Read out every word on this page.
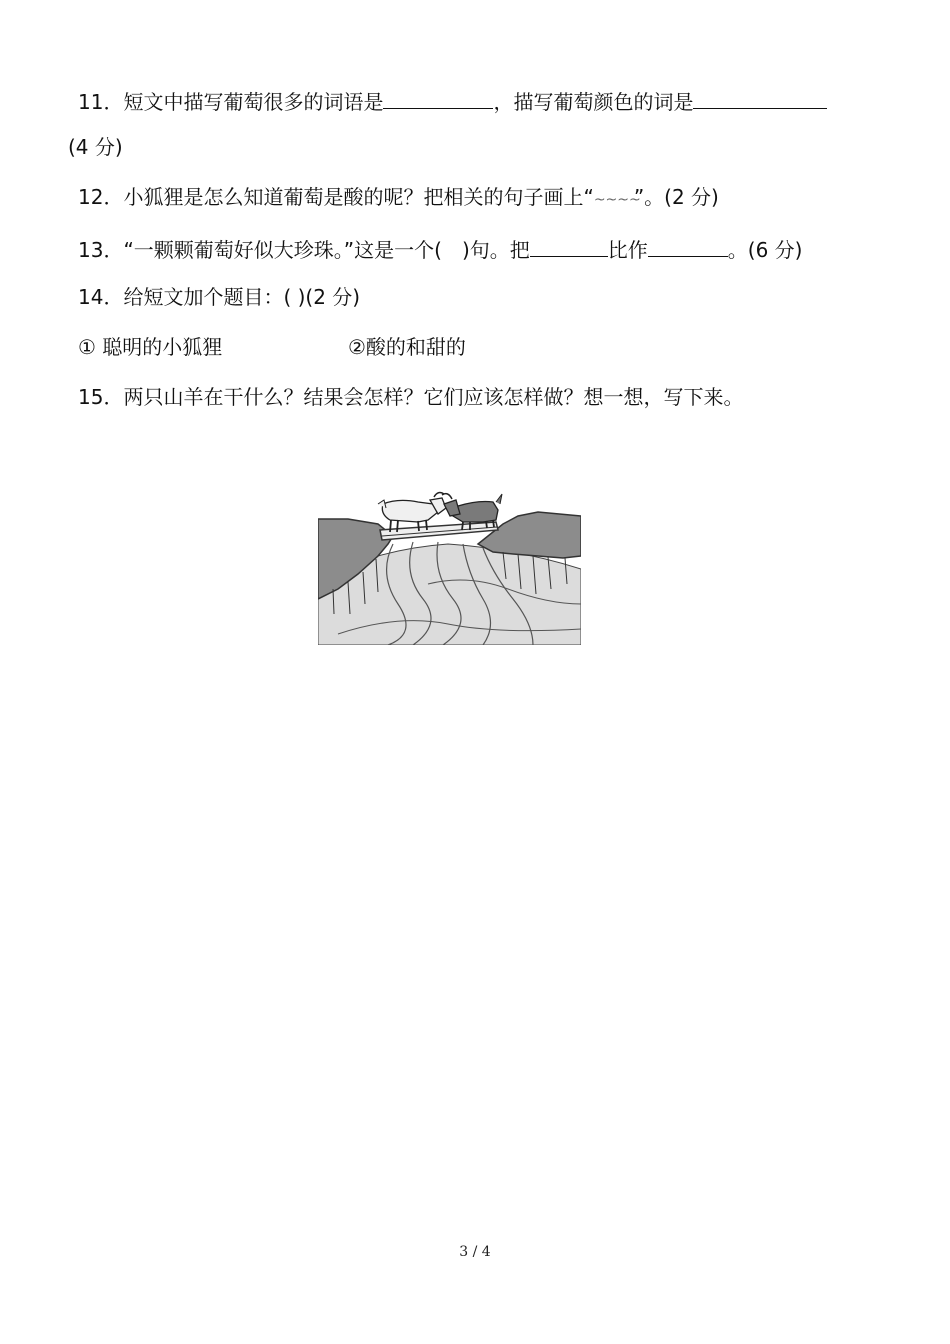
11．短文中描写葡萄很多的词语是	，描写葡萄颜色的词是
(4 分)
12．小狐狸是怎么知道葡萄是酸的呢？把相关的句子画上“~~~~”。(2 分)
13．“一颗颗葡萄好似大珍珠。”这是一个( )句。把	比作	。(6 分)
14．给短文加个题目：( )(2 分)
① 聪明的小狐狸	②酸的和甜的
15．两只山羊在干什么？结果会怎样？它们应该怎样做？想一想，写下来。
3 / 4
